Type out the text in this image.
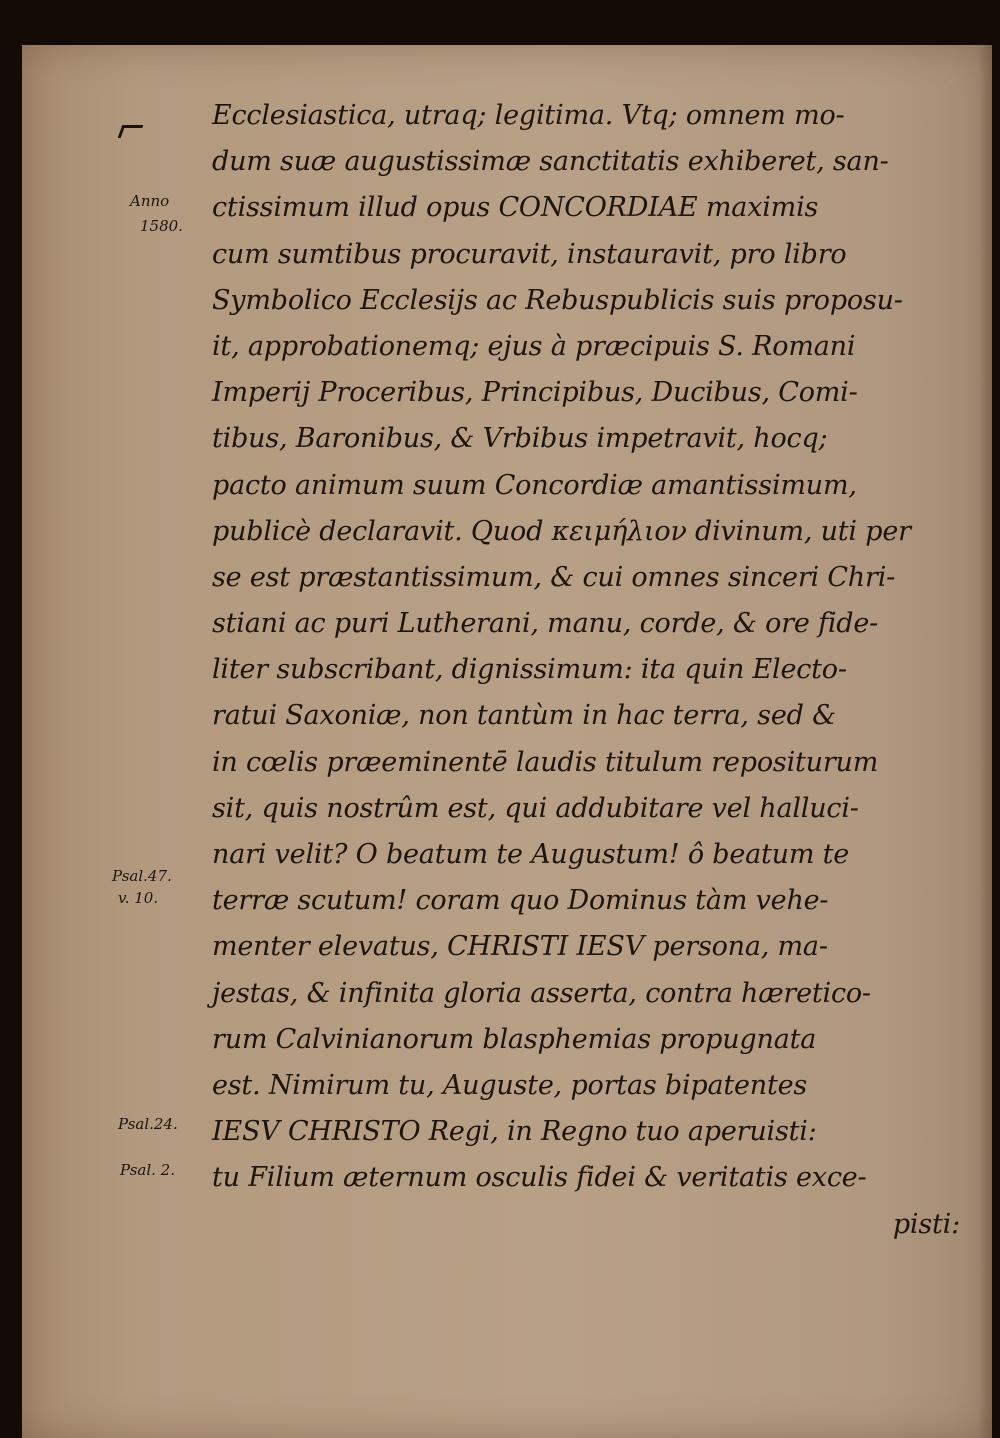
Anno
1580.
Psal.47.
v. 10.
Psal.24.
Psal. 2.
Ecclesiastica, utraq; legitima. Vtq; omnem mo-
dum suæ augustissimæ sanctitatis exhiberet, san-
ctissimum illud opus CONCORDIAE maximis
cum sumtibus procuravit, instauravit, pro libro
Symbolico Ecclesijs ac Rebuspublicis suis proposu-
it, approbationemq; ejus à præcipuis S. Romani
Imperij Proceribus, Principibus, Ducibus, Comi-
tibus, Baronibus, & Vrbibus impetravit, hocq;
pacto animum suum Concordiæ amantissimum,
publicè declaravit. Quod κειμήλιον divinum, uti per
se est præstantissimum, & cui omnes sinceri Chri-
stiani ac puri Lutherani, manu, corde, & ore fide-
liter subscribant, dignissimum: ita quin Electo-
ratui Saxoniæ, non tantùm in hac terra, sed &
in cœlis præeminentē laudis titulum repositurum
sit, quis nostrûm est, qui addubitare vel halluci-
nari velit? O beatum te Augustum! ô beatum te
terræ scutum! coram quo Dominus tàm vehe-
menter elevatus, CHRISTI IESV persona, ma-
jestas, & infinita gloria asserta, contra hæretico-
rum Calvinianorum blasphemias propugnata
est. Nimirum tu, Auguste, portas bipatentes
IESV CHRISTO Regi, in Regno tuo aperuisti:
tu Filium æternum osculis fidei & veritatis exce-
pisti:
